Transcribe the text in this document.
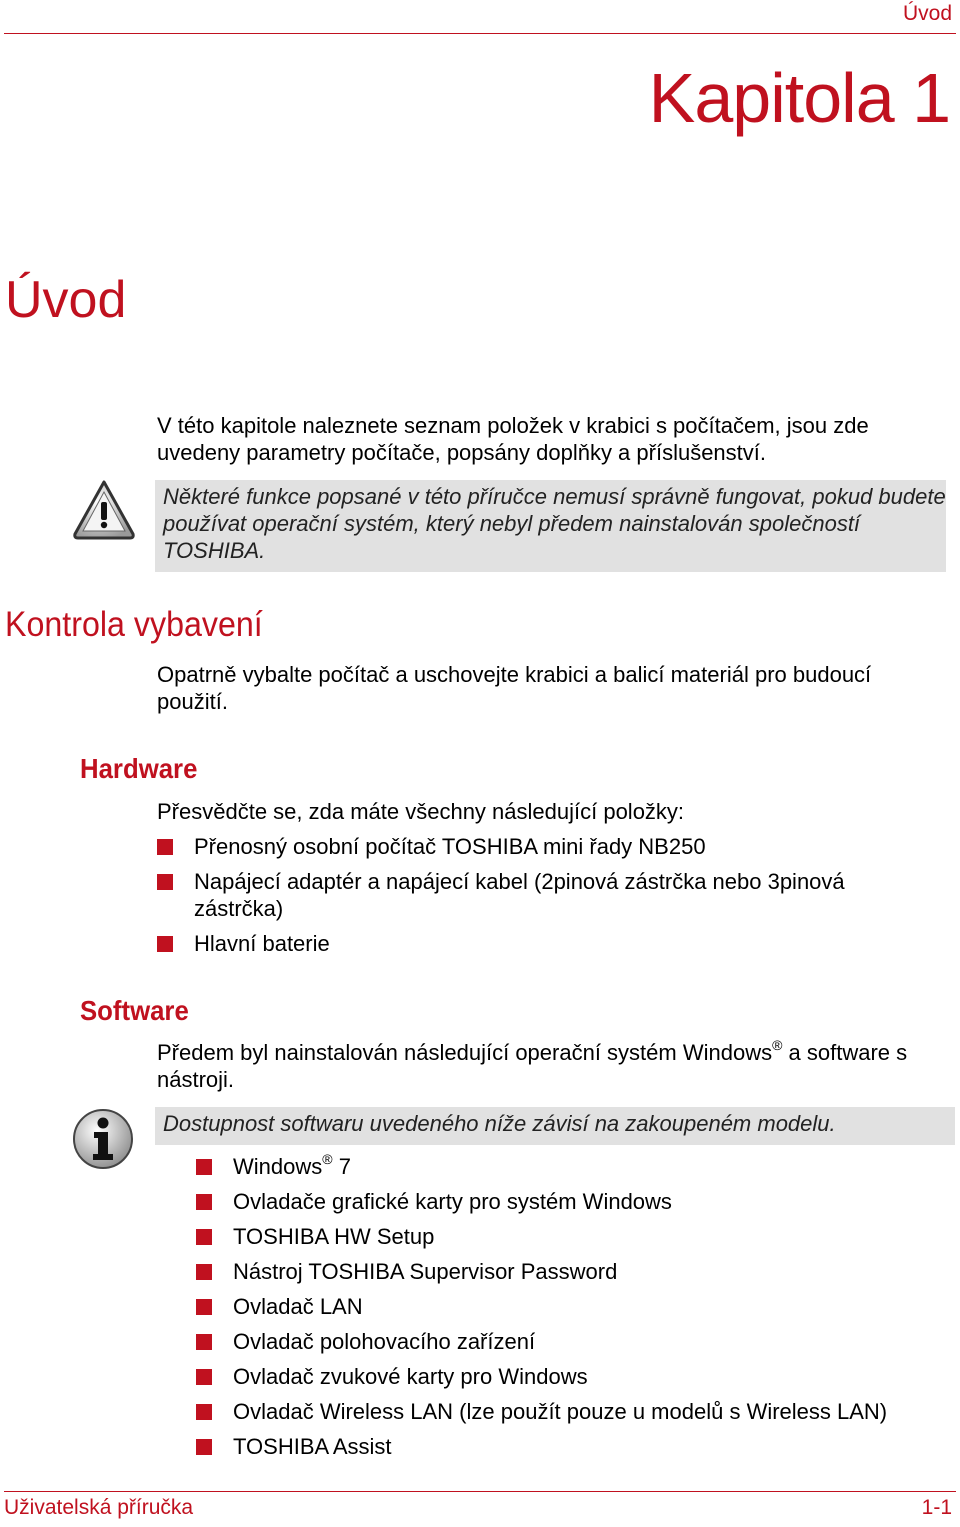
Úvod
Kapitola 1
Úvod
V této kapitole naleznete seznam položek v krabici s počítačem, jsou zde uvedeny parametry počítače, popsány doplňky a příslušenství.
Některé funkce popsané v této příručce nemusí správně fungovat, pokud budete používat operační systém, který nebyl předem nainstalován společností TOSHIBA.
Kontrola vybavení
Opatrně vybalte počítač a uschovejte krabici a balicí materiál pro budoucí použití.
Hardware
Přesvědčte se, zda máte všechny následující položky:
Přenosný osobní počítač TOSHIBA mini řady NB250
Napájecí adaptér a napájecí kabel (2pinová zástrčka nebo 3pinová zástrčka)
Hlavní baterie
Software
Předem byl nainstalován následující operační systém Windows® a software s nástroji.
Dostupnost softwaru uvedeného níže závisí na zakoupeném modelu.
Windows® 7
Ovladače grafické karty pro systém Windows
TOSHIBA HW Setup
Nástroj TOSHIBA Supervisor Password
Ovladač LAN
Ovladač polohovacího zařízení
Ovladač zvukové karty pro Windows
Ovladač Wireless LAN (lze použít pouze u modelů s Wireless LAN)
TOSHIBA Assist
Uživatelská příručka	1-1
